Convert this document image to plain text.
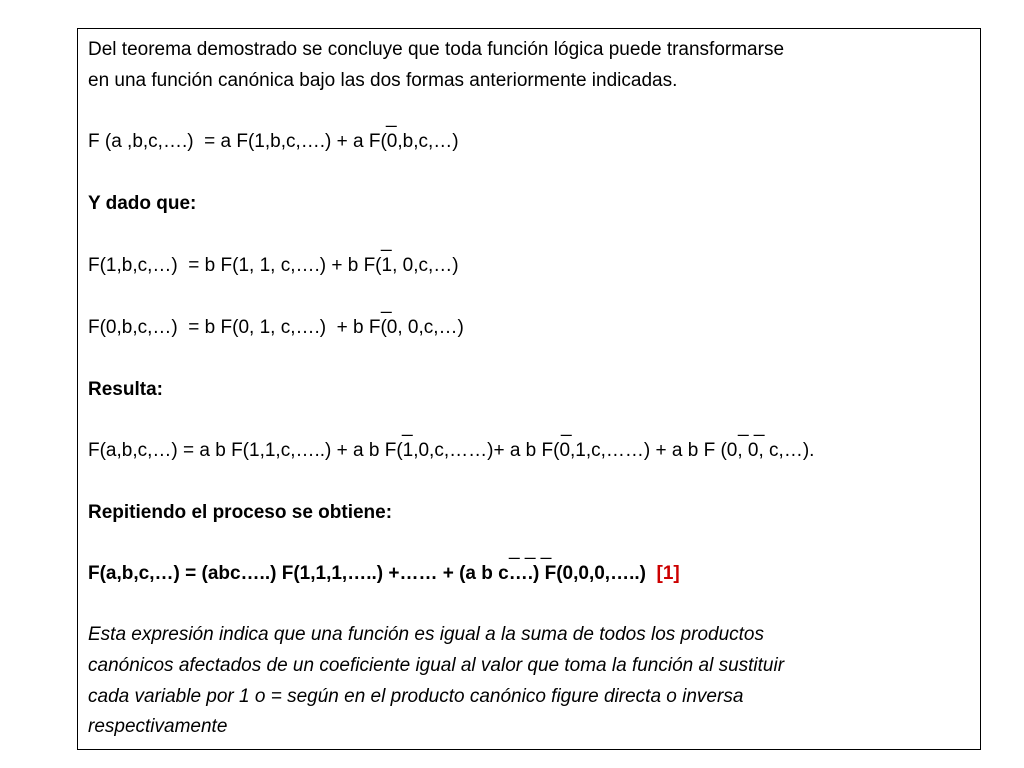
Del teorema demostrado se concluye que toda función lógica puede transformarse
en una función canónica bajo las dos formas anteriormente indicadas.
_
F (a ,b,c,….)  = a F(1,b,c,….) + a F(0,b,c,…)
Y dado que:
_
F(1,b,c,…)  = b F(1, 1, c,….) + b F(1, 0,c,…)
_
F(0,b,c,…)  = b F(0, 1, c,….)  + b F(0, 0,c,…)
Resulta:
_	_	_ _
F(a,b,c,…) = a b F(1,1,c,…..) + a b F(1,0,c,……)+ a b F(0,1,c,……) + a b F (0, 0, c,…).
Repitiendo el proceso se obtiene:
_ _ _
F(a,b,c,…) = (abc…..) F(1,1,1,…..) +…… + (a b c….) F(0,0,0,…..) [1]
Esta expresión indica que una función es igual a la suma de todos los productos
canónicos afectados de un coeficiente igual al valor que toma la función al sustituir
cada variable por 1 o = según en el producto canónico figure directa o inversa
respectivamente
